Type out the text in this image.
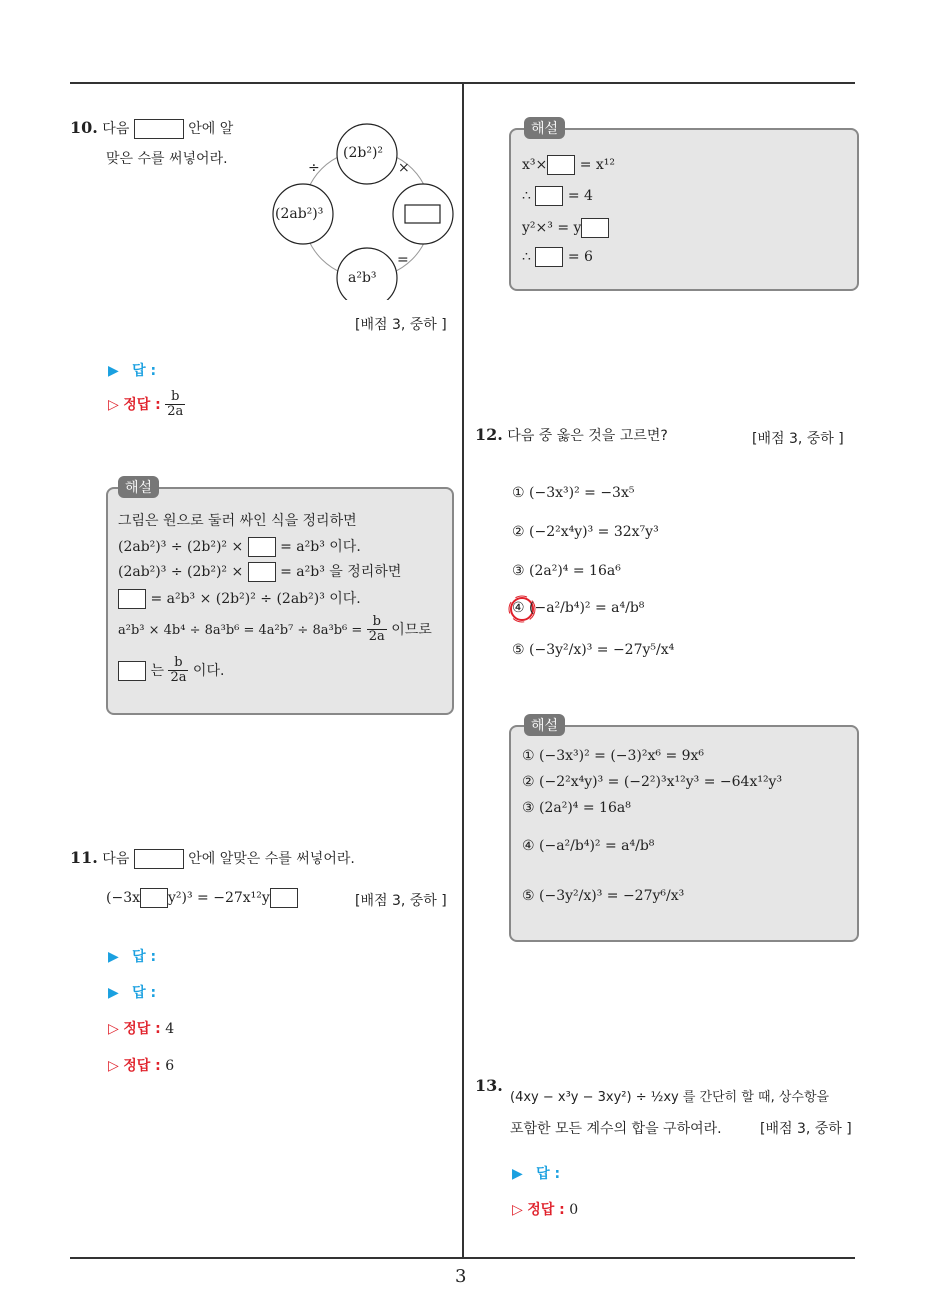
3
10. 다음	안에 알
맞은 수를 써넣어라.	(2b²)²
(2ab²)³
a²b³
÷	×
=
[배점 3, 중하 ]
▶ 답 :
▷ 정답 : $\frac{b}{2a}$
해설
그림은 원으로 둘러 싸인 식을 정리하면
(2ab²)³ ÷ (2b²)² ×	= a²b³ 이다.
(2ab²)³ ÷ (2b²)² ×	= a²b³ 을 정리하면
= a²b³ × (2b²)² ÷ (2ab²)³ 이다.
$a^2b^3 \times 4b^4 \div 8a^3b^6 = 4a^2b^7 \div 8a^3b^6 = \frac{b}{2a}$ 이므로
는 $\frac{b}{2a}$ 이다.
11. 다음	안에 알맞은 수를 써넣어라.
(−3x y²)³ = −27x¹²y	[배점 3, 중하 ]
▶ 답 :
▶ 답 :
▷ 정답 : 4
▷ 정답 : 6
해설
x³× = x¹²
∴	= 4
y²×³ = y
∴	= 6
12. 다음 중 옳은 것을 고르면?	[배점 3, 중하 ]
① (−3x³)² = −3x⁵
② (−2²x⁴y)³ = 32x⁷y³
③ (2a²)⁴ = 16a⁶
④ (−a²/b⁴)² = a⁴/b⁸
⑤ (−3y²/x)³ = −27y⁵/x⁴
해설
① (−3x³)² = (−3)²x⁶ = 9x⁶
② (−2²x⁴y)³ = (−2²)³x¹²y³ = −64x¹²y³
③ (2a²)⁴ = 16a⁸
④ (−a²/b⁴)² = a⁴/b⁸
⑤ (−3y²/x)³ = −27y⁶/x³
13.
(4xy − x³y − 3xy²) ÷ ½xy 를 간단히 할 때, 상수항을
포함한 모든 계수의 합을 구하여라.	[배점 3, 중하 ]
▶ 답 :
▷ 정답 : 0
